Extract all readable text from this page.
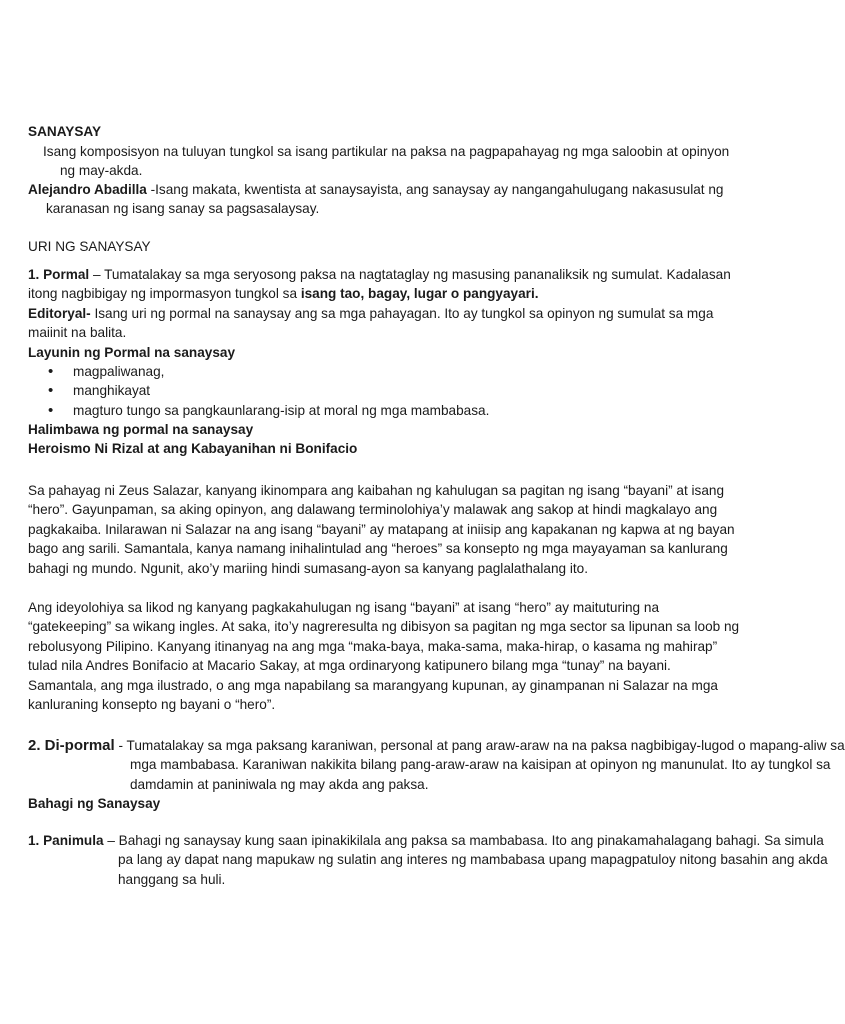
SANAYSAY
Isang komposisyon na tuluyan tungkol sa isang partikular na paksa na pagpapahayag ng mga saloobin at opinyon ng may-akda.
Alejandro Abadilla -Isang makata, kwentista at sanaysayista, ang sanaysay ay nangangahulugang nakasusulat ng karanasan ng isang sanay sa pagsasalaysay.
URI NG SANAYSAY
1. Pormal – Tumatalakay sa mga seryosong paksa na nagtataglay ng masusing pananaliksik ng sumulat. Kadalasan itong nagbibigay ng impormasyon tungkol sa isang tao, bagay, lugar o pangyayari.
Editoryal- Isang uri ng pormal na sanaysay ang sa mga pahayagan. Ito ay tungkol sa opinyon ng sumulat sa mga maiinit na balita.
Layunin ng Pormal na sanaysay
• magpaliwanag,
• manghikayat
• magturo tungo sa pangkaunlarang-isip at moral ng mga mambabasa.
Halimbawa ng pormal na sanaysay
Heroismo Ni Rizal at ang Kabayanihan ni Bonifacio
Sa pahayag ni Zeus Salazar, kanyang ikinompara ang kaibahan ng kahulugan sa pagitan ng isang “bayani” at isang “hero”. Gayunpaman, sa aking opinyon, ang dalawang terminolohiya’y malawak ang sakop at hindi magkalayo ang pagkakaiba. Inilarawan ni Salazar na ang isang “bayani” ay matapang at iniisip ang kapakanan ng kapwa at ng bayan bago ang sarili. Samantala, kanya namang inihalintulad ang “heroes” sa konsepto ng mga mayayaman sa kanlurang bahagi ng mundo. Ngunit, ako’y mariing hindi sumasang-ayon sa kanyang paglalathalang ito.
Ang ideyolohiya sa likod ng kanyang pagkakahulugan ng isang “bayani” at isang “hero” ay maituturing na “gatekeeping” sa wikang ingles. At saka, ito’y nagreresulta ng dibisyon sa pagitan ng mga sector sa lipunan sa loob ng rebolusyong Pilipino. Kanyang itinanyag na ang mga “maka-baya, maka-sama, maka-hirap, o kasama ng mahirap” tulad nila Andres Bonifacio at Macario Sakay, at mga ordinaryong katipunero bilang mga “tunay” na bayani. Samantala, ang mga ilustrado, o ang mga napabilang sa marangyang kupunan, ay ginampanan ni Salazar na mga kanluraning konsepto ng bayani o “hero”.
2. Di-pormal - Tumatalakay sa mga paksang karaniwan, personal at pang araw-araw na na paksa nagbibigay-lugod o mapang-aliw sa mga mambabasa. Karaniwan nakikita bilang pang-araw-araw na kaisipan at opinyon ng manunulat. Ito ay tungkol sa damdamin at paniniwala ng may akda ang paksa.
Bahagi ng Sanaysay
1. Panimula – Bahagi ng sanaysay kung saan ipinakikilala ang paksa sa mambabasa. Ito ang pinakamahalagang bahagi. Sa simula pa lang ay dapat nang mapukaw ng sulatin ang interes ng mambabasa upang mapagpatuloy nitong basahin ang akda hanggang sa huli.
